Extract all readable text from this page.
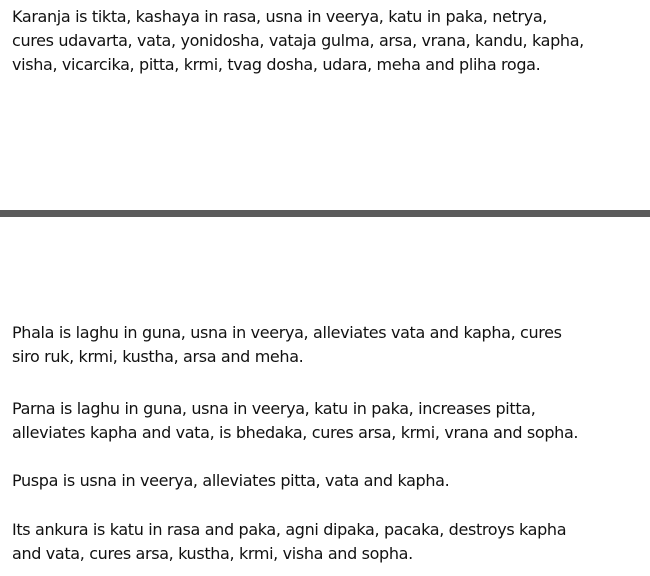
Karanja is tikta, kashaya in rasa, usna in veerya, katu in paka, netrya,
cures udavarta, vata, yonidosha, vataja gulma, arsa, vrana, kandu, kapha,
visha, vicarcika, pitta, krmi, tvag dosha, udara, meha and pliha roga.

Phala is laghu in guna, usna in veerya, alleviates vata and kapha, cures
siro ruk, krmi, kustha, arsa and meha.

Parna is laghu in guna, usna in veerya, katu in paka, increases pitta,
alleviates kapha and vata, is bhedaka, cures arsa, krmi, vrana and sopha.

Puspa is usna in veerya, alleviates pitta, vata and kapha.

Its ankura is katu in rasa and paka, agni dipaka, pacaka, destroys kapha
and vata, cures arsa, kustha, krmi, visha and sopha.
